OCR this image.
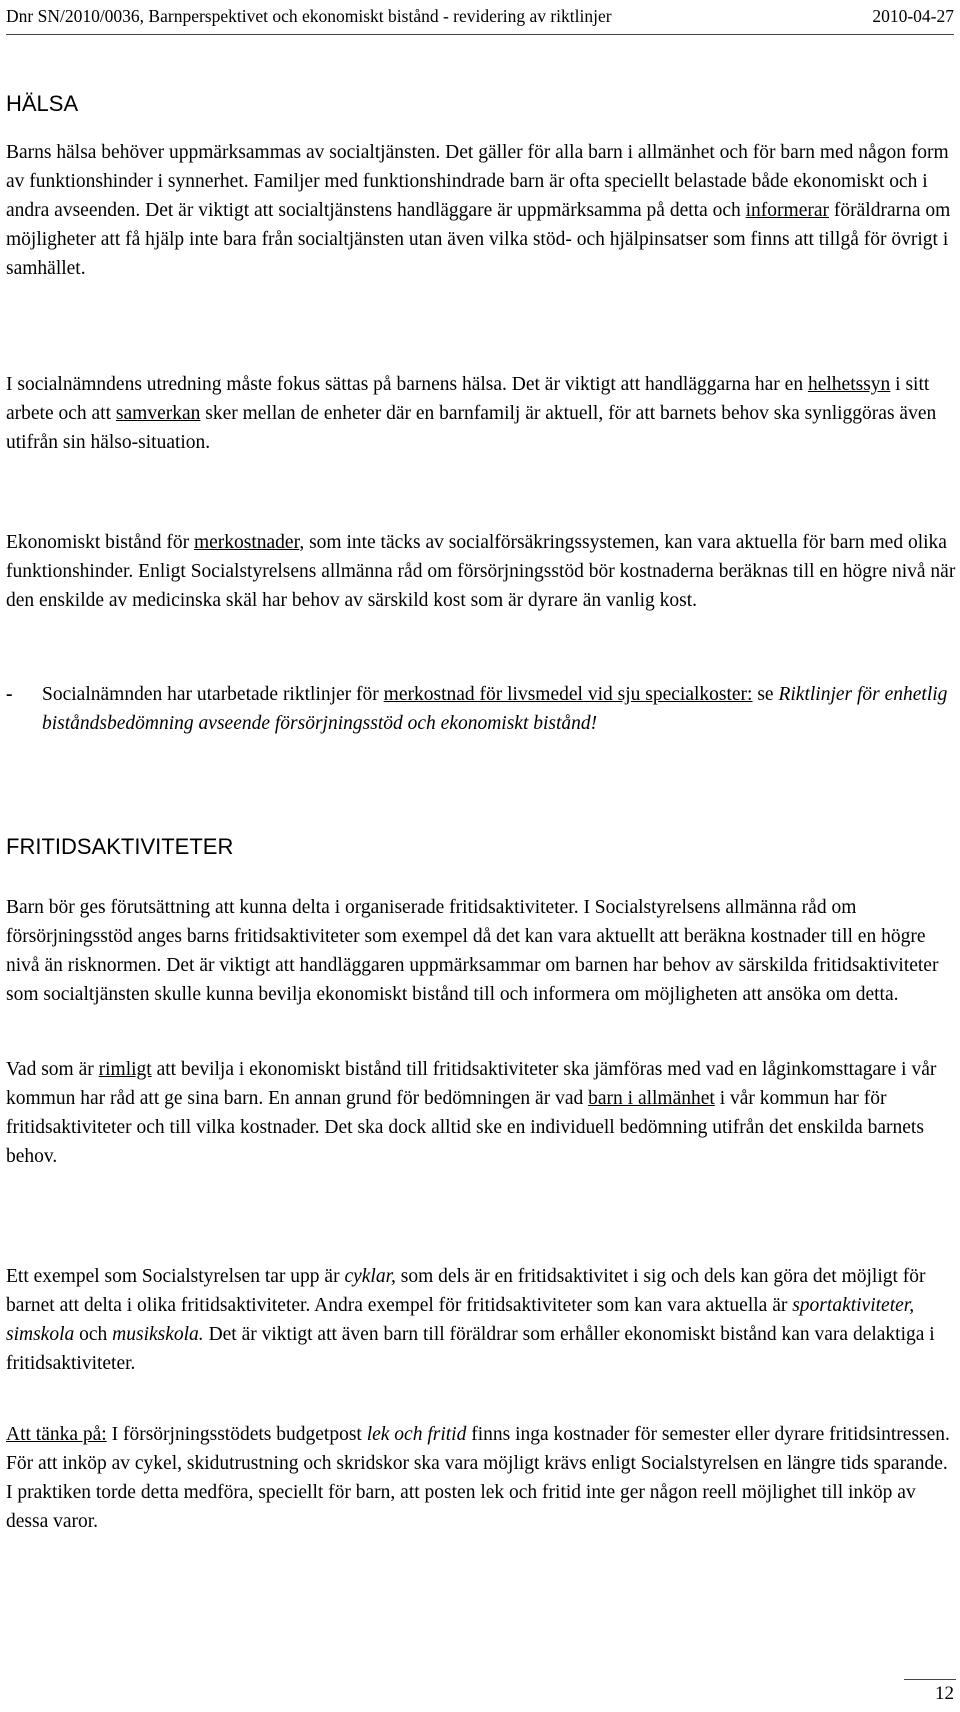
Dnr SN/2010/0036, Barnperspektivet och ekonomiskt bistånd - revidering av riktlinjer	2010-04-27
HÄLSA

Barns hälsa behöver uppmärksammas av socialtjänsten. Det gäller för alla barn i allmänhet och för barn med någon form av funktionshinder i synnerhet. Familjer med funktionshindrade barn är ofta speciellt belastade både ekonomiskt och i andra avseenden. Det är viktigt att socialtjänstens handläggare är uppmärksamma på detta och informerar föräldrarna om möjligheter att få hjälp inte bara från socialtjänsten utan även vilka stöd- och hjälpinsatser som finns att tillgå för övrigt i samhället.

I socialnämndens utredning måste fokus sättas på barnens hälsa. Det är viktigt att handläggarna har en helhetssyn i sitt arbete och att samverkan sker mellan de enheter där en barnfamilj är aktuell, för att barnets behov ska synliggöras även utifrån sin hälso-situation.

Ekonomiskt bistånd för merkostnader, som inte täcks av socialförsäkringssystemen, kan vara aktuella för barn med olika funktionshinder. Enligt Socialstyrelsens allmänna råd om försörjningsstöd bör kostnaderna beräknas till en högre nivå när den enskilde av medicinska skäl har behov av särskild kost som är dyrare än vanlig kost.

- Socialnämnden har utarbetade riktlinjer för merkostnad för livsmedel vid sju specialkoster: se Riktlinjer för enhetlig biståndsbedömning avseende försörjningsstöd och ekonomiskt bistånd!
FRITIDSAKTIVITETER

Barn bör ges förutsättning att kunna delta i organiserade fritidsaktiviteter. I Socialstyrelsens allmänna råd om försörjningsstöd anges barns fritidsaktiviteter som exempel då det kan vara aktuellt att beräkna kostnader till en högre nivå än risknormen. Det är viktigt att handläggaren uppmärksammar om barnen har behov av särskilda fritidsaktiviteter som socialtjänsten skulle kunna bevilja ekonomiskt bistånd till och informera om möjligheten att ansöka om detta.

Vad som är rimligt att bevilja i ekonomiskt bistånd till fritidsaktiviteter ska jämföras med vad en låginkomsttagare i vår kommun har råd att ge sina barn. En annan grund för bedömningen är vad barn i allmänhet i vår kommun har för fritidsaktiviteter och till vilka kostnader. Det ska dock alltid ske en individuell bedömning utifrån det enskilda barnets behov.

Ett exempel som Socialstyrelsen tar upp är cyklar, som dels är en fritidsaktivitet i sig och dels kan göra det möjligt för barnet att delta i olika fritidsaktiviteter. Andra exempel för fritidsaktiviteter som kan vara aktuella är sportaktiviteter, simskola och musikskola. Det är viktigt att även barn till föräldrar som erhåller ekonomiskt bistånd kan vara delaktiga i fritidsaktiviteter.

Att tänka på: I försörjningsstödets budgetpost lek och fritid finns inga kostnader för semester eller dyrare fritidsintressen. För att inköp av cykel, skidutrustning och skridskor ska vara möjligt krävs enligt Socialstyrelsen en längre tids sparande. I praktiken torde detta medföra, speciellt för barn, att posten lek och fritid inte ger någon reell möjlighet till inköp av dessa varor.

12
